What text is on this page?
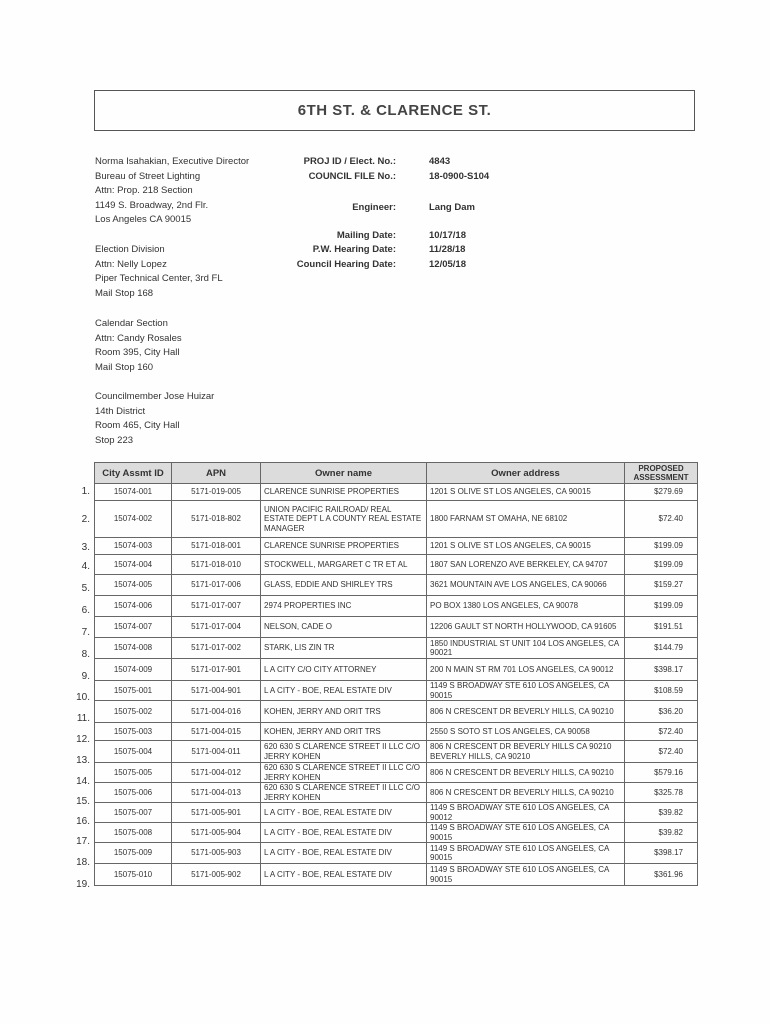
6TH ST. & CLARENCE ST.
Norma Isahakian, Executive Director
Bureau of Street Lighting
Attn: Prop. 218 Section
1149 S. Broadway, 2nd Flr.
Los Angeles CA 90015
Election Division
Attn: Nelly Lopez
Piper Technical Center, 3rd FL
Mail Stop 168
Calendar Section
Attn: Candy Rosales
Room 395, City Hall
Mail Stop 160
Councilmember Jose Huizar
14th District
Room 465, City Hall
Stop 223
PROJ ID / Elect. No.:	4843
COUNCIL FILE No.:	18-0900-S104
Engineer:	Lang Dam
Mailing Date:	10/17/18
P.W. Hearing Date:	11/28/18
Council Hearing Date:	12/05/18
1.
2.
3.
4.
5.
6.
7.
8.
9.
10.
11.
12.
13.
14.
15.
16.
17.
18.
19.
City Assmt ID	APN	Owner name	Owner address	PROPOSED ASSESSMENT
15074-001	5171-019-005	CLARENCE SUNRISE PROPERTIES	1201 S OLIVE ST LOS ANGELES, CA 90015	$279.69
15074-002	5171-018-802	UNION PACIFIC RAILROAD/ REAL ESTATE DEPT L A COUNTY REAL ESTATE MANAGER	1800 FARNAM ST OMAHA, NE 68102	$72.40
15074-003	5171-018-001	CLARENCE SUNRISE PROPERTIES	1201 S OLIVE ST LOS ANGELES, CA 90015	$199.09
15074-004	5171-018-010	STOCKWELL, MARGARET C TR ET AL	1807 SAN LORENZO AVE BERKELEY, CA 94707	$199.09
15074-005	5171-017-006	GLASS, EDDIE AND SHIRLEY TRS	3621 MOUNTAIN AVE LOS ANGELES, CA 90066	$159.27
15074-006	5171-017-007	2974 PROPERTIES INC	PO BOX 1380 LOS ANGELES, CA 90078	$199.09
15074-007	5171-017-004	NELSON, CADE O	12206 GAULT ST NORTH HOLLYWOOD, CA 91605	$191.51
15074-008	5171-017-002	STARK, LIS ZIN TR	1850 INDUSTRIAL ST UNIT 104 LOS ANGELES, CA 90021	$144.79
15074-009	5171-017-901	L A CITY C/O CITY ATTORNEY	200 N MAIN ST RM 701 LOS ANGELES, CA 90012	$398.17
15075-001	5171-004-901	L A CITY - BOE, REAL ESTATE DIV	1149 S BROADWAY STE 610 LOS ANGELES, CA 90015	$108.59
15075-002	5171-004-016	KOHEN, JERRY AND ORIT TRS	806 N CRESCENT DR BEVERLY HILLS, CA 90210	$36.20
15075-003	5171-004-015	KOHEN, JERRY AND ORIT TRS	2550 S SOTO ST LOS ANGELES, CA 90058	$72.40
15075-004	5171-004-011	620 630 S CLARENCE STREET II LLC C/O JERRY KOHEN	806 N CRESCENT DR BEVERLY HILLS CA 90210 BEVERLY HILLS, CA 90210	$72.40
15075-005	5171-004-012	620 630 S CLARENCE STREET II LLC C/O JERRY KOHEN	806 N CRESCENT DR BEVERLY HILLS, CA 90210	$579.16
15075-006	5171-004-013	620 630 S CLARENCE STREET II LLC C/O JERRY KOHEN	806 N CRESCENT DR BEVERLY HILLS, CA 90210	$325.78
15075-007	5171-005-901	L A CITY - BOE, REAL ESTATE DIV	1149 S BROADWAY STE 610 LOS ANGELES, CA 90012	$39.82
15075-008	5171-005-904	L A CITY - BOE, REAL ESTATE DIV	1149 S BROADWAY STE 610 LOS ANGELES, CA 90015	$39.82
15075-009	5171-005-903	L A CITY - BOE, REAL ESTATE DIV	1149 S BROADWAY STE 610 LOS ANGELES, CA 90015	$398.17
15075-010	5171-005-902	L A CITY - BOE, REAL ESTATE DIV	1149 S BROADWAY STE 610 LOS ANGELES, CA 90015	$361.96
